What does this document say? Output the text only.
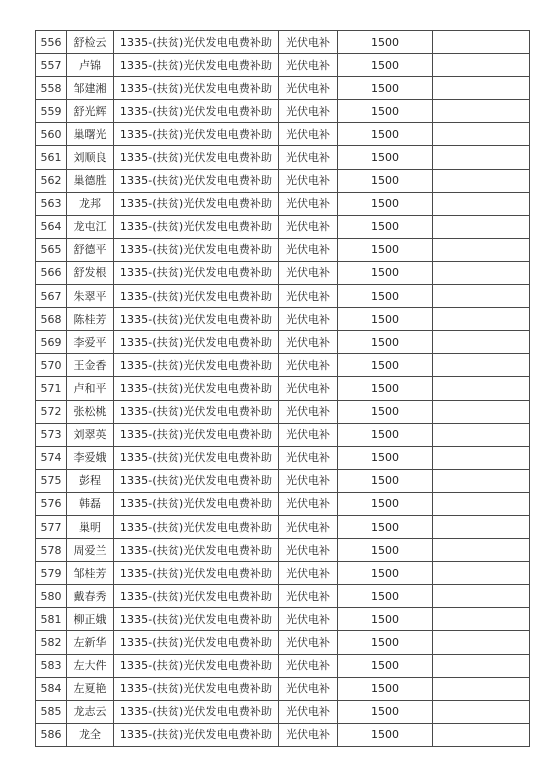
556	舒检云	1335-(扶贫)光伏发电电费补助	光伏电补	1500	
557	卢锦	1335-(扶贫)光伏发电电费补助	光伏电补	1500	
558	邹建湘	1335-(扶贫)光伏发电电费补助	光伏电补	1500	
559	舒光辉	1335-(扶贫)光伏发电电费补助	光伏电补	1500	
560	巢曙光	1335-(扶贫)光伏发电电费补助	光伏电补	1500	
561	刘顺良	1335-(扶贫)光伏发电电费补助	光伏电补	1500	
562	巢德胜	1335-(扶贫)光伏发电电费补助	光伏电补	1500	
563	龙邦	1335-(扶贫)光伏发电电费补助	光伏电补	1500	
564	龙屯江	1335-(扶贫)光伏发电电费补助	光伏电补	1500	
565	舒德平	1335-(扶贫)光伏发电电费补助	光伏电补	1500	
566	舒发根	1335-(扶贫)光伏发电电费补助	光伏电补	1500	
567	朱翠平	1335-(扶贫)光伏发电电费补助	光伏电补	1500	
568	陈桂芳	1335-(扶贫)光伏发电电费补助	光伏电补	1500	
569	李爱平	1335-(扶贫)光伏发电电费补助	光伏电补	1500	
570	王金香	1335-(扶贫)光伏发电电费补助	光伏电补	1500	
571	卢和平	1335-(扶贫)光伏发电电费补助	光伏电补	1500	
572	张松桃	1335-(扶贫)光伏发电电费补助	光伏电补	1500	
573	刘翠英	1335-(扶贫)光伏发电电费补助	光伏电补	1500	
574	李爱娥	1335-(扶贫)光伏发电电费补助	光伏电补	1500	
575	彭程	1335-(扶贫)光伏发电电费补助	光伏电补	1500	
576	韩磊	1335-(扶贫)光伏发电电费补助	光伏电补	1500	
577	巢明	1335-(扶贫)光伏发电电费补助	光伏电补	1500	
578	周爱兰	1335-(扶贫)光伏发电电费补助	光伏电补	1500	
579	邹桂芳	1335-(扶贫)光伏发电电费补助	光伏电补	1500	
580	戴春秀	1335-(扶贫)光伏发电电费补助	光伏电补	1500	
581	柳正娥	1335-(扶贫)光伏发电电费补助	光伏电补	1500	
582	左新华	1335-(扶贫)光伏发电电费补助	光伏电补	1500	
583	左大件	1335-(扶贫)光伏发电电费补助	光伏电补	1500	
584	左夏艳	1335-(扶贫)光伏发电电费补助	光伏电补	1500	
585	龙志云	1335-(扶贫)光伏发电电费补助	光伏电补	1500	
586	龙全	1335-(扶贫)光伏发电电费补助	光伏电补	1500	
